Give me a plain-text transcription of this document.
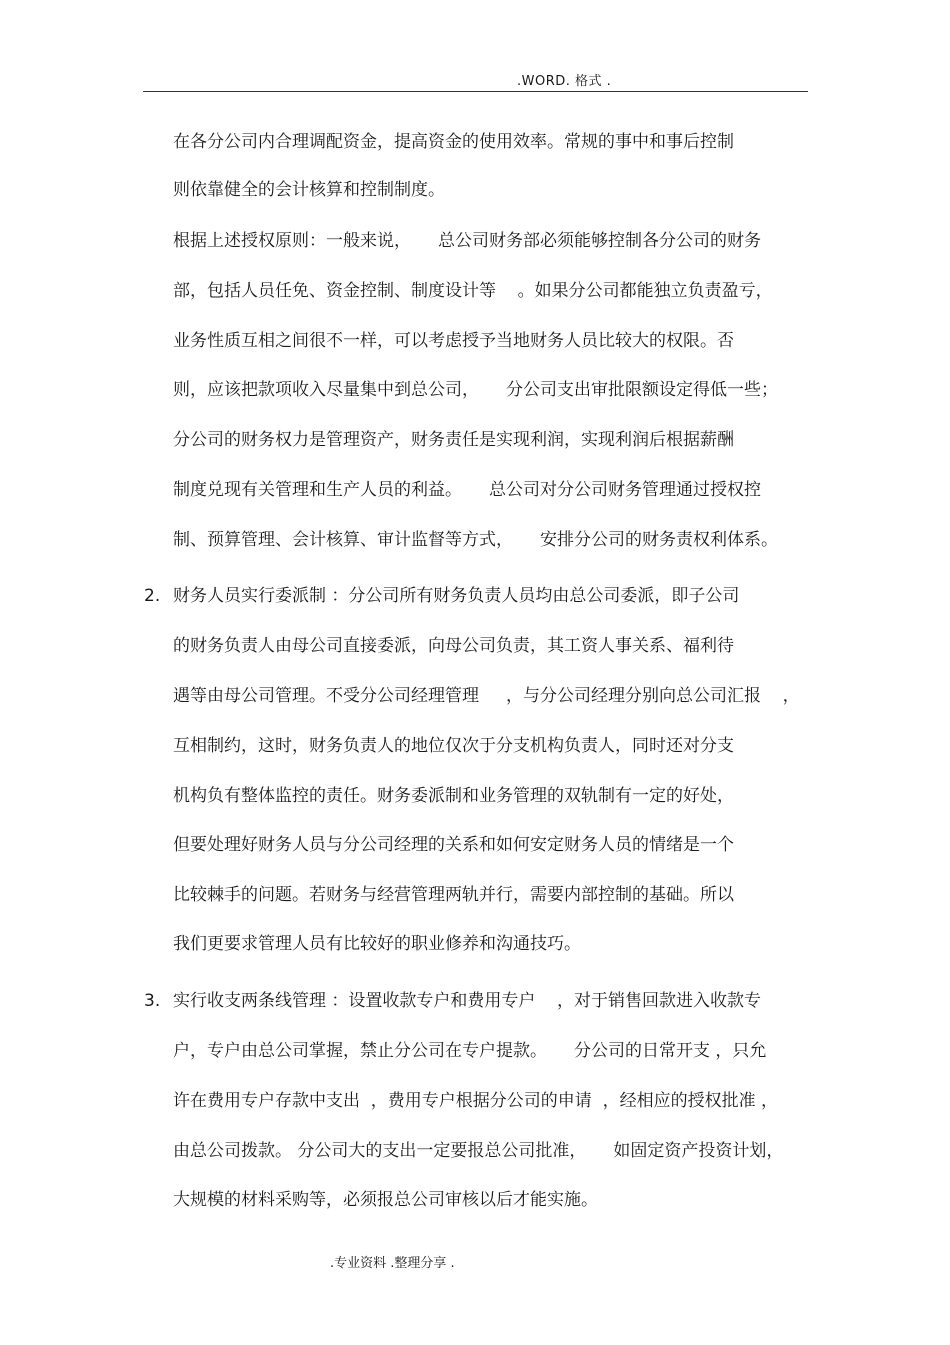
.WORD. 格式 .
在各分公司内合理调配资金，提高资金的使用效率。常规的事中和事后控制
则依靠健全的会计核算和控制制度。
根据上述授权原则：一般来说，     总公司财务部必须能够控制各分公司的财务
部，包括人员任免、资金控制、制度设计等    。如果分公司都能独立负责盈亏，
业务性质互相之间很不一样，可以考虑授予当地财务人员比较大的权限。否
则，应该把款项收入尽量集中到总公司，     分公司支出审批限额设定得低一些；
分公司的财务权力是管理资产，财务责任是实现利润，实现利润后根据薪酬
制度兑现有关管理和生产人员的利益。     总公司对分公司财务管理通过授权控
制、预算管理、会计核算、审计监督等方式，     安排分公司的财务责权利体系。
2. 财务人员实行委派制 ：分公司所有财务负责人员均由总公司委派，即子公司
的财务负责人由母公司直接委派，向母公司负责，其工资人事关系、福利待
遇等由母公司管理。不受分公司经理管理     ，与分公司经理分别向总公司汇报    ，
互相制约，这时，财务负责人的地位仅次于分支机构负责人，同时还对分支
机构负有整体监控的责任。财务委派制和业务管理的双轨制有一定的好处，
但要处理好财务人员与分公司经理的关系和如何安定财务人员的情绪是一个
比较棘手的问题。若财务与经营管理两轨并行，需要内部控制的基础。所以
我们更要求管理人员有比较好的职业修养和沟通技巧。
3. 实行收支两条线管理 ：设置收款专户和费用专户    ，对于销售回款进入收款专
户，专户由总公司掌握，禁止分公司在专户提款。     分公司的日常开支 ，只允
许在费用专户存款中支出  ，费用专户根据分公司的申请  ，经相应的授权批准 ，
由总公司拨款。 分公司大的支出一定要报总公司批准，     如固定资产投资计划，
大规模的材料采购等，必须报总公司审核以后才能实施。
.专业资料 .整理分享 .
